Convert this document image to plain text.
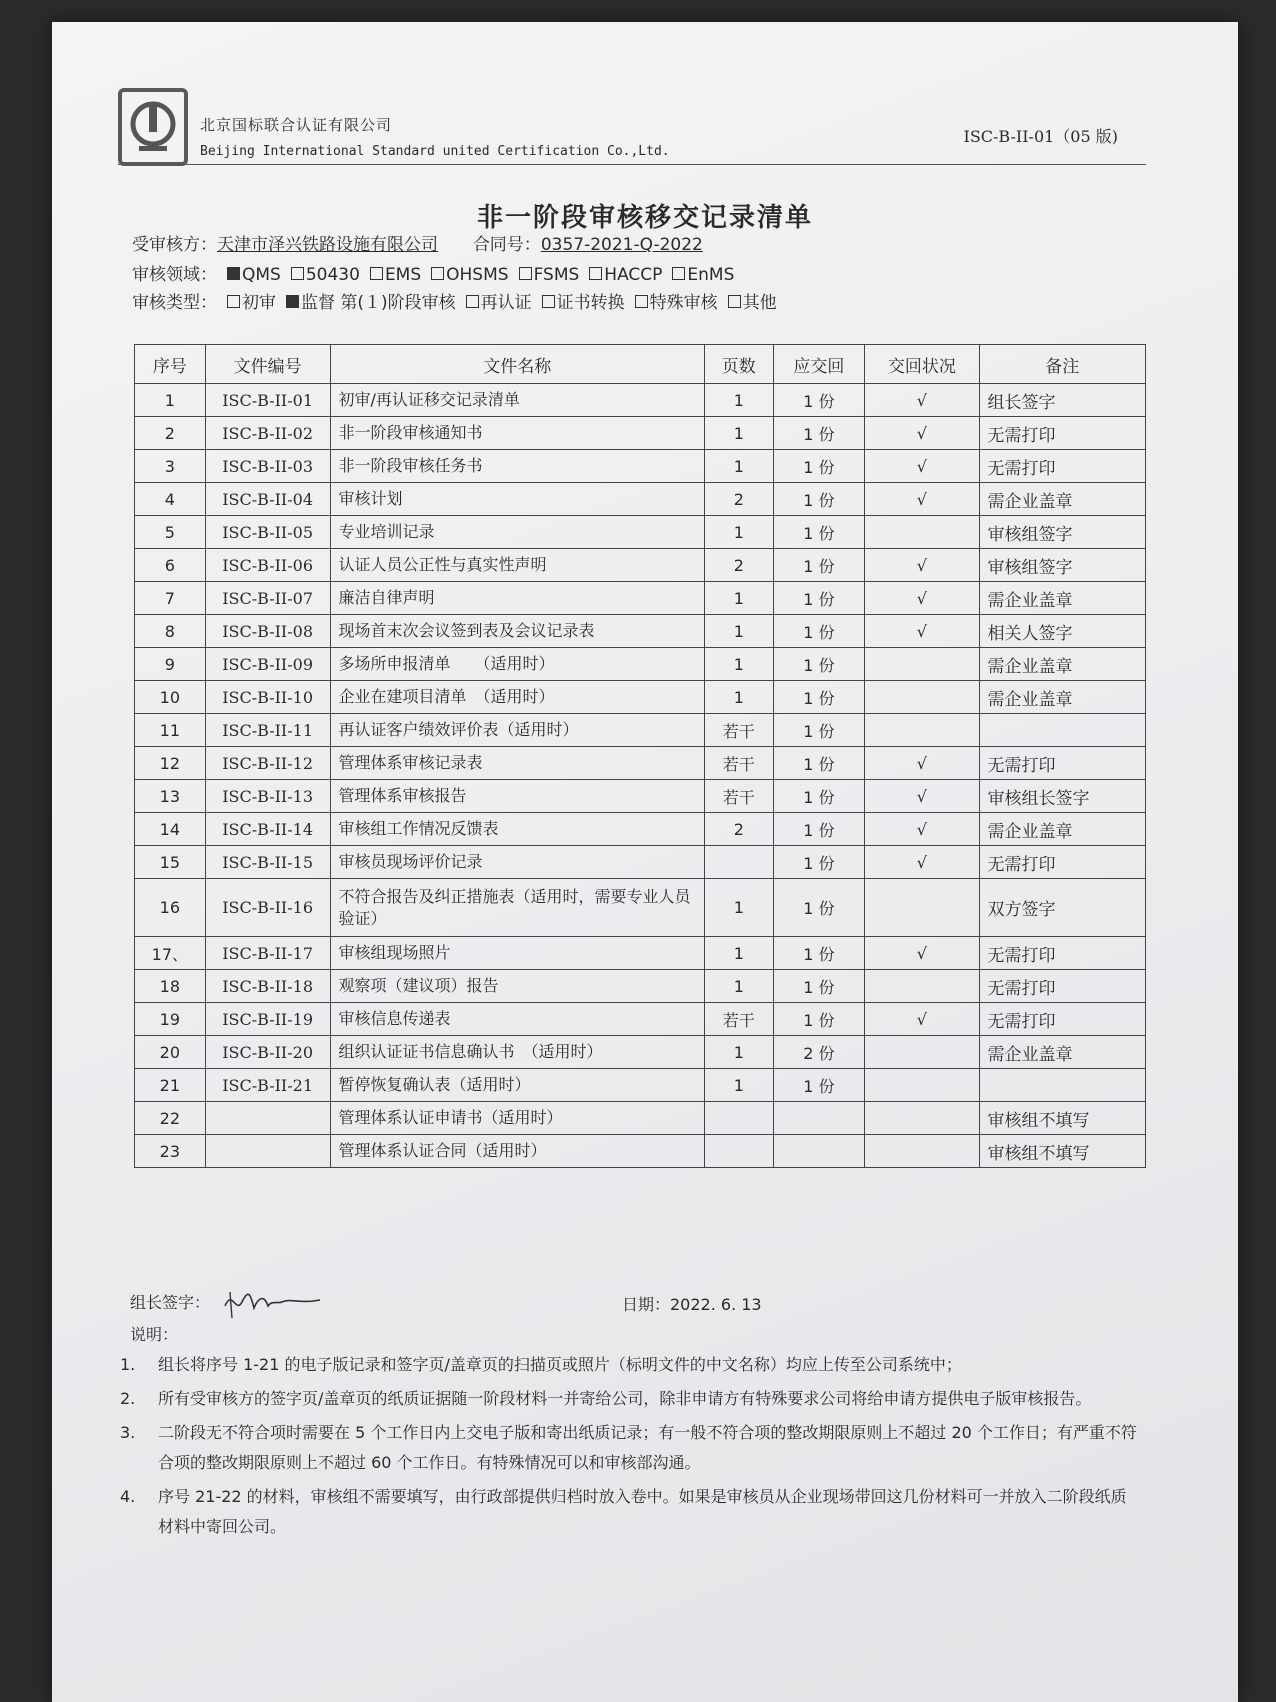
北京国标联合认证有限公司
Beijing International Standard united Certification Co.,Ltd.
ISC-B-II-01（05 版)
非一阶段审核移交记录清单
受审核方：天津市泽兴铁路设施有限公司 合同号：0357-2021-Q-2022
审核领域： QMS 50430 EMS OHSMS FSMS HACCP EnMS
审核类型： 初审 监督 第(１)阶段审核 再认证 证书转换 特殊审核 其他
序号	文件编号	文件名称	页数	应交回	交回状况	备注
1	ISC-B-II-01	初审/再认证移交记录清单	1	1 份	√	组长签字
2	ISC-B-II-02	非一阶段审核通知书	1	1 份	√	无需打印
3	ISC-B-II-03	非一阶段审核任务书	1	1 份	√	无需打印
4	ISC-B-II-04	审核计划	2	1 份	√	需企业盖章
5	ISC-B-II-05	专业培训记录	1	1 份		审核组签字
6	ISC-B-II-06	认证人员公正性与真实性声明	2	1 份	√	审核组签字
7	ISC-B-II-07	廉洁自律声明	1	1 份	√	需企业盖章
8	ISC-B-II-08	现场首末次会议签到表及会议记录表	1	1 份	√	相关人签字
9	ISC-B-II-09	多场所申报清单　　（适用时）	1	1 份		需企业盖章
10	ISC-B-II-10	企业在建项目清单　（适用时）	1	1 份		需企业盖章
11	ISC-B-II-11	再认证客户绩效评价表（适用时）	若干	1 份		
12	ISC-B-II-12	管理体系审核记录表	若干	1 份	√	无需打印
13	ISC-B-II-13	管理体系审核报告	若干	1 份	√	审核组长签字
14	ISC-B-II-14	审核组工作情况反馈表	2	1 份	√	需企业盖章
15	ISC-B-II-15	审核员现场评价记录		1 份	√	无需打印
16	ISC-B-II-16	不符合报告及纠正措施表（适用时，需要专业人员验证）	1	1 份		双方签字
17、	ISC-B-II-17	审核组现场照片	1	1 份	√	无需打印
18	ISC-B-II-18	观察项（建议项）报告	1	1 份		无需打印
19	ISC-B-II-19	审核信息传递表	若干	1 份	√	无需打印
20	ISC-B-II-20	组织认证证书信息确认书　（适用时）	1	2 份		需企业盖章
21	ISC-B-II-21	暂停恢复确认表（适用时）	1	1 份		
22		管理体系认证申请书（适用时）				审核组不填写
23		管理体系认证合同（适用时）				审核组不填写
组长签字：	日期：2022. 6. 13
说明：
1.	组长将序号 1-21 的电子版记录和签字页/盖章页的扫描页或照片（标明文件的中文名称）均应上传至公司系统中；
2.	所有受审核方的签字页/盖章页的纸质证据随一阶段材料一并寄给公司，除非申请方有特殊要求公司将给申请方提供电子版审核报告。
3.	二阶段无不符合项时需要在 5 个工作日内上交电子版和寄出纸质记录；有一般不符合项的整改期限原则上不超过 20 个工作日；有严重不符合项的整改期限原则上不超过 60 个工作日。有特殊情况可以和审核部沟通。
4.	序号 21-22 的材料，审核组不需要填写，由行政部提供归档时放入卷中。如果是审核员从企业现场带回这几份材料可一并放入二阶段纸质材料中寄回公司。
